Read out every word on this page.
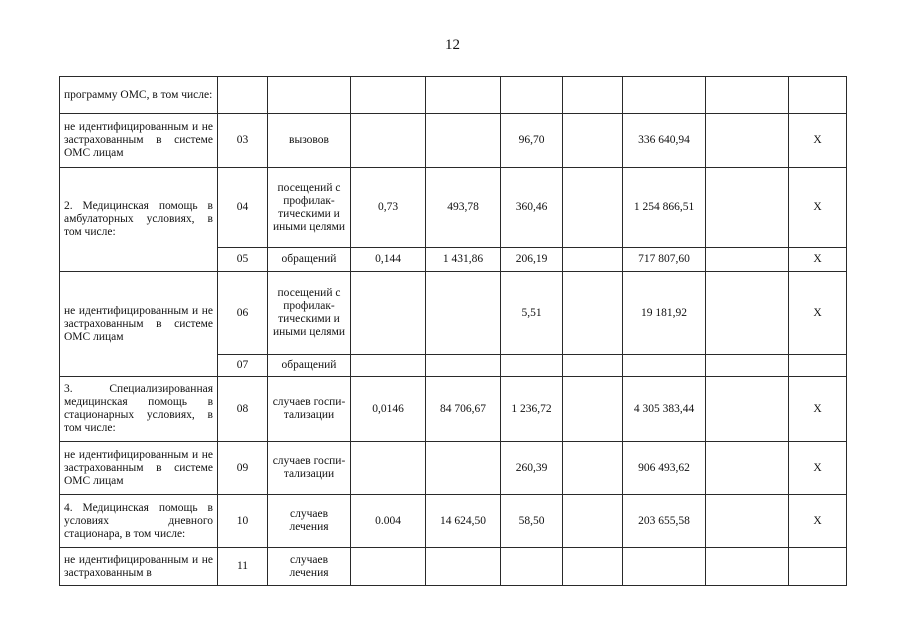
12
программу ОМС, в том числе:									
не идентифицированным и не застрахованным в системе ОМС лицам	03	вызовов			96,70		336 640,94		X
2. Медицинская помощь в амбулаторных условиях, в том числе:	04	посещений с профилак-тическими и иными целями	0,73	493,78	360,46		1 254 866,51		X
	05	обращений	0,144	1 431,86	206,19		717 807,60		X
не идентифицированным и не застрахованным в системе ОМС лицам	06	посещений с профилак-тическими и иными целями			5,51		19 181,92		X
	07	обращений							
3. Специализированная медицинская помощь в стационарных условиях, в том числе:	08	случаев госпи-тализации	0,0146	84 706,67	1 236,72		4 305 383,44		X
не идентифицированным и не застрахованным в системе ОМС лицам	09	случаев госпи-тализации			260,39		906 493,62		X
4. Медицинская помощь в условиях дневного стационара, в том числе:	10	случаев лечения	0.004	14 624,50	58,50		203 655,58		X
не идентифицированным и не застрахованным в	11	случаев лечения							
